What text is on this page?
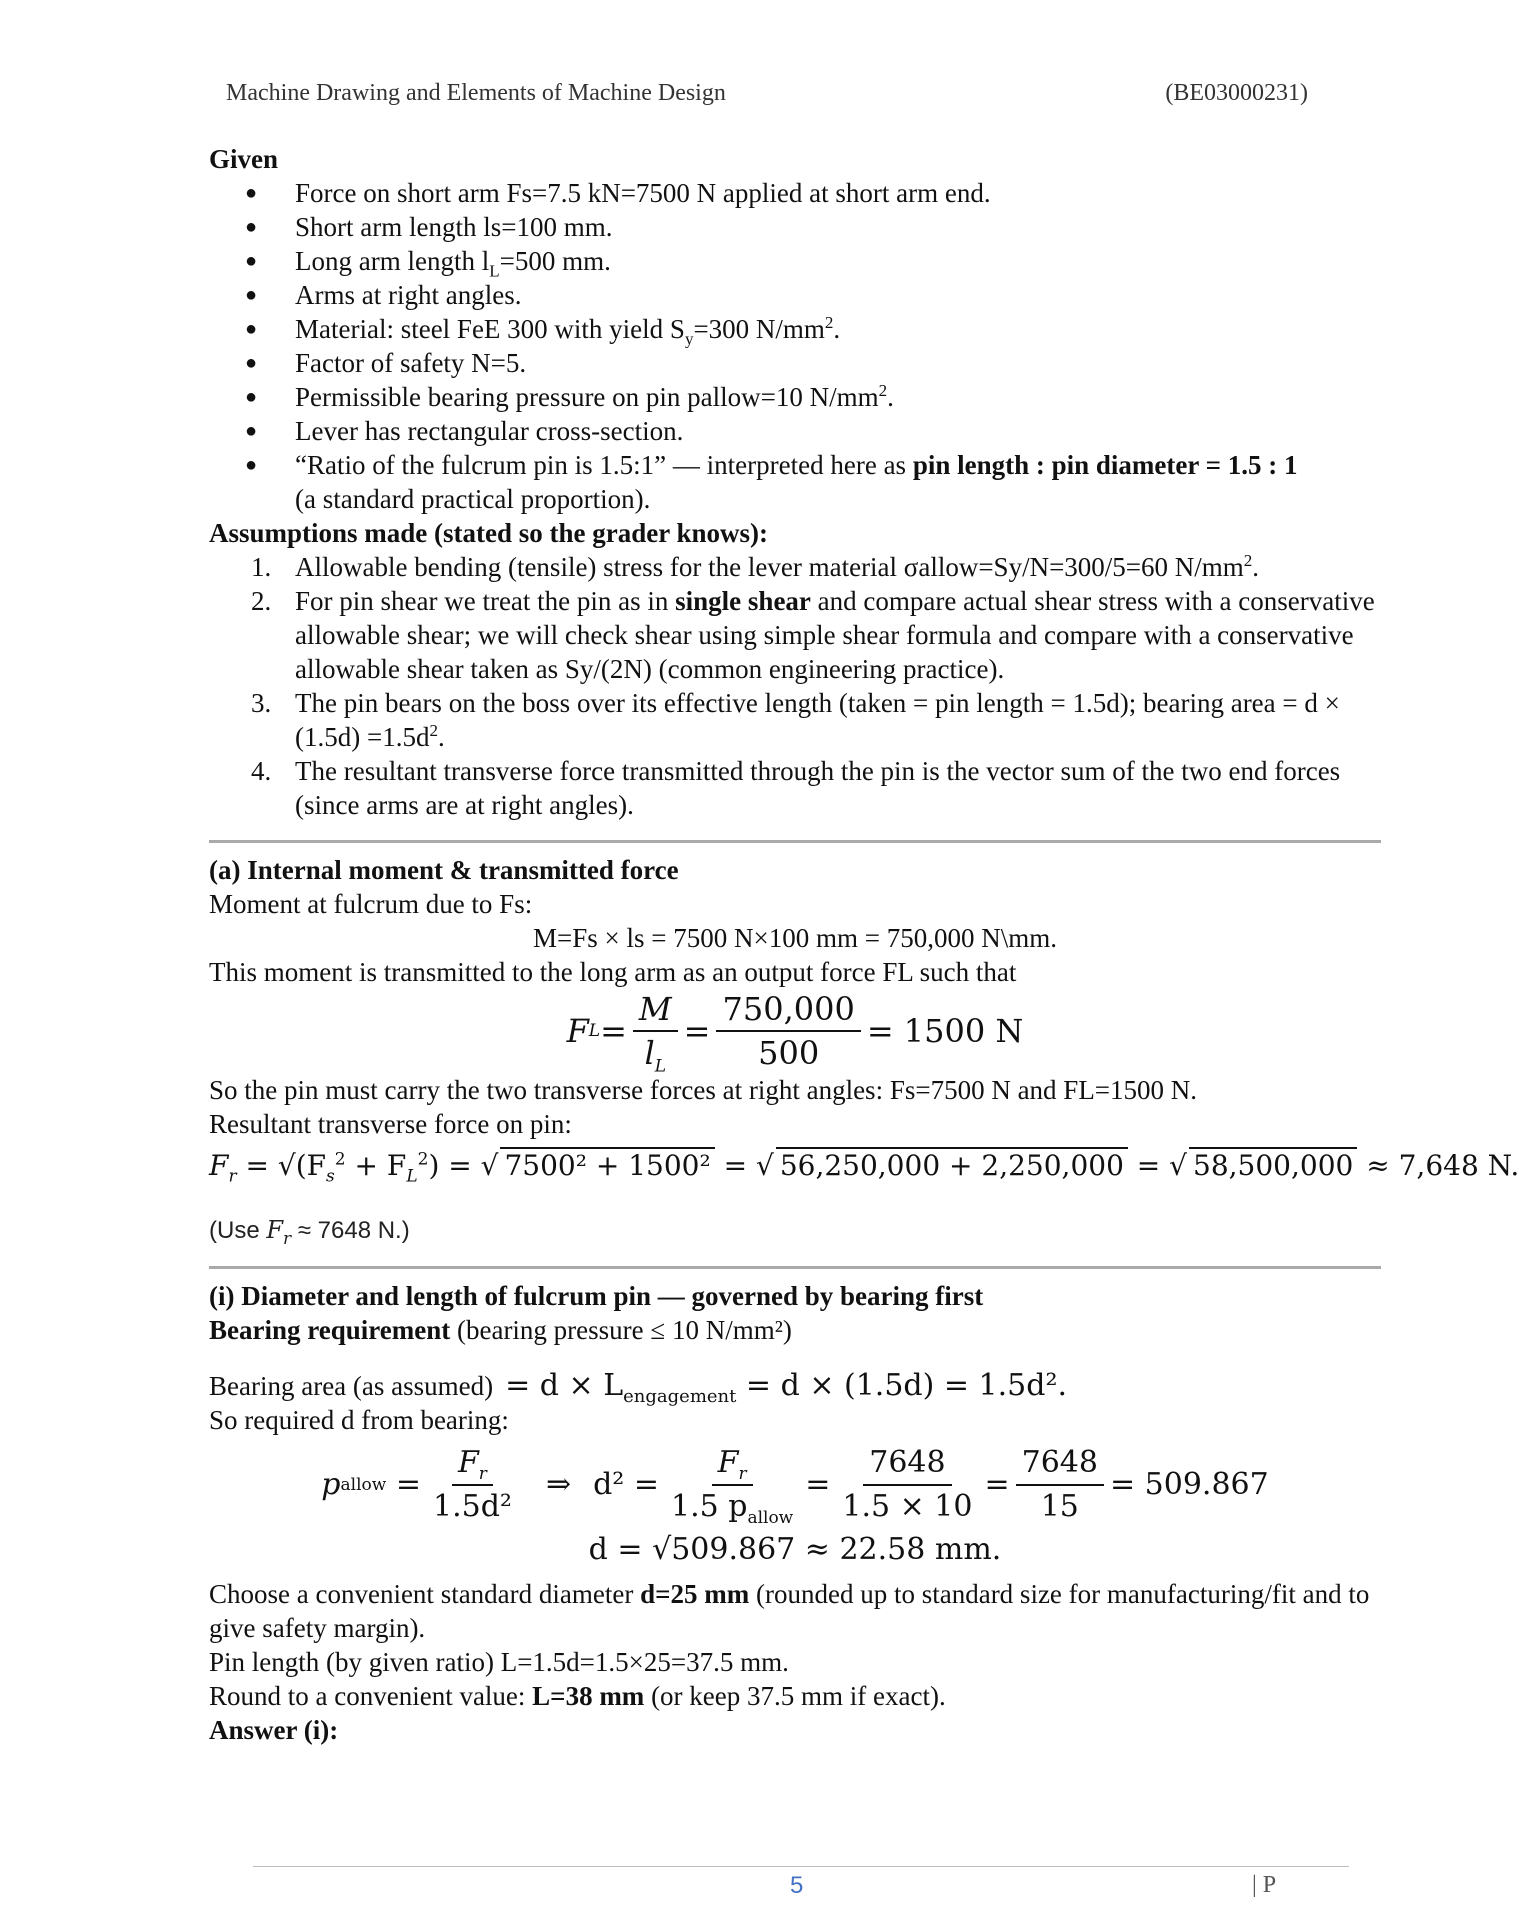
Machine Drawing and Elements of Machine Design	(BE03000231)
Given
● Force on short arm Fs=7.5 kN=7500 N applied at short arm end.
● Short arm length ls=100 mm.
● Long arm length $l_L=500$ mm.
● Arms at right angles.
● Material: steel FeE 300 with yield $S_y=300$ $N/mm^2$.
● Factor of safety N=5.
● Permissible bearing pressure on pin pallow=10 $N/mm^2$.
● Lever has rectangular cross-section.
● “Ratio of the fulcrum pin is 1.5:1” — interpreted here as pin length : pin diameter = 1.5 : 1
(a standard practical proportion).
Assumptions made (stated so the grader knows):
1. Allowable bending (tensile) stress for the lever material σallow=Sy/N=300/5=60 $N/mm^2$.
2. For pin shear we treat the pin as in single shear and compare actual shear stress with a conservative allowable shear; we will check shear using simple shear formula and compare with a conservative allowable shear taken as Sy/(2N) (common engineering practice).
3. The pin bears on the boss over its effective length (taken = pin length = 1.5d); bearing area = $d \times (1.5d) =1.5d^2$.
4. The resultant transverse force transmitted through the pin is the vector sum of the two end forces (since arms are at right angles).
(a) Internal moment & transmitted force
Moment at fulcrum due to Fs:
M=Fs × ls = 7500 N×100 mm = 750,000 N\mm.
This moment is transmitted to the long arm as an output force FL such that
F $L = \frac{M}{l_L} = \frac{750,000}{500} = 1500$ N
So the pin must carry the two transverse forces at right angles: Fs=7500 N and FL=1500 N.
Resultant transverse force on pin:
$F_r = √(F_s^2 + F_L^2)$ = √ 7500² + 1500² = √ 56,250,000 + 2,250,000 = √ 58,500,000 ≈ 7,648 N.
(Use $F_r \approx 7648$ N.)
(i) Diameter and length of fulcrum pin — governed by bearing first
Bearing requirement (bearing pressure ≤ 10 N/mm²)
Bearing area (as assumed) = $d \times L_{engagement} = d \times (1.5d) = 1.5d^2$.
So required d from bearing:
p allow = $\frac{F_r}{\text{1.5d²}}$ ⇒ $d^2 = \frac{F_r}{1.5 p_{allow}} = \frac{7648}{1.5 \times 10} = \frac{7648}{15} = 509.867$
d = √509.867 ≈ 22.58 mm.
Choose a convenient standard diameter d=25 mm (rounded up to standard size for manufacturing/fit and to give safety margin).
Pin length (by given ratio) L=1.5d=1.5×25=37.5 mm.
Round to a convenient value: L=38 mm (or keep 37.5 mm if exact).
Answer (i):
5	| P
